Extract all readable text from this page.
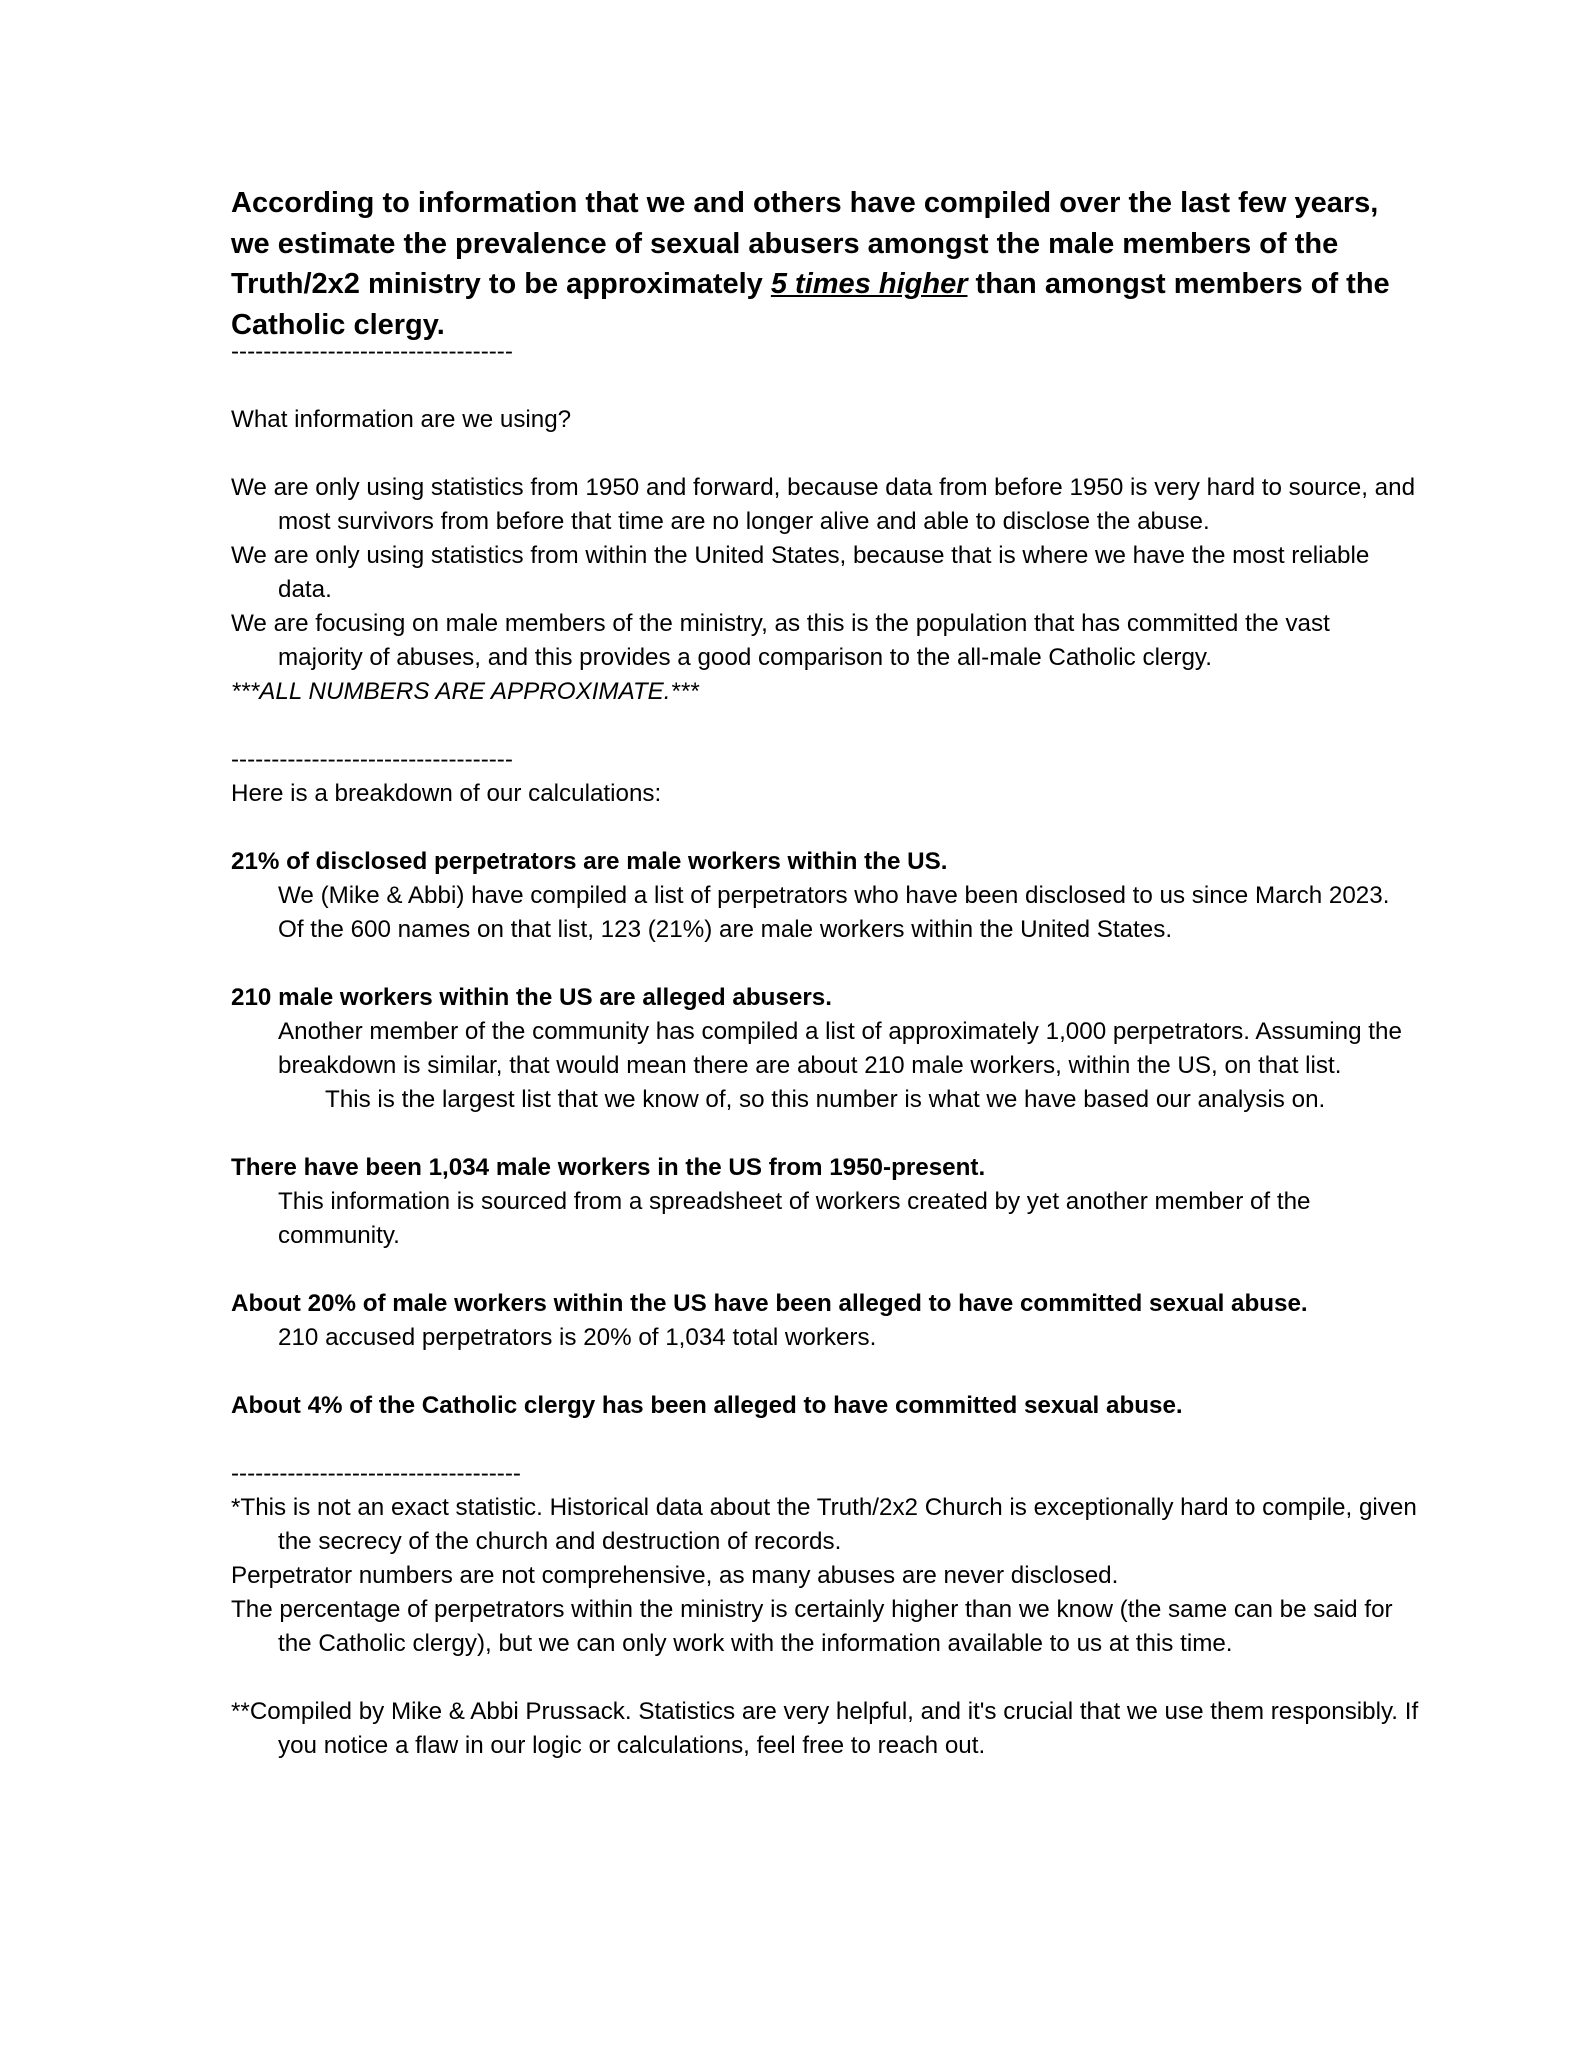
According to information that we and others have compiled over the last few years, we estimate the prevalence of sexual abusers amongst the male members of the Truth/2x2 ministry to be approximately 5 times higher than amongst members of the Catholic clergy.

-----------------------------------

What information are we using?

We are only using statistics from 1950 and forward, because data from before 1950 is very hard to source, and most survivors from before that time are no longer alive and able to disclose the abuse.

We are only using statistics from within the United States, because that is where we have the most reliable data.

We are focusing on male members of the ministry, as this is the population that has committed the vast majority of abuses, and this provides a good comparison to the all-male Catholic clergy.

***ALL NUMBERS ARE APPROXIMATE.***

-----------------------------------

Here is a breakdown of our calculations:

21% of disclosed perpetrators are male workers within the US.

We (Mike & Abbi) have compiled a list of perpetrators who have been disclosed to us since March 2023. Of the 600 names on that list, 123 (21%) are male workers within the United States.

210 male workers within the US are alleged abusers.

Another member of the community has compiled a list of approximately 1,000 perpetrators. Assuming the breakdown is similar, that would mean there are about 210 male workers, within the US, on that list.

This is the largest list that we know of, so this number is what we have based our analysis on.

There have been 1,034 male workers in the US from 1950-present.

This information is sourced from a spreadsheet of workers created by yet another member of the community.

About 20% of male workers within the US have been alleged to have committed sexual abuse.

210 accused perpetrators is 20% of 1,034 total workers.

About 4% of the Catholic clergy has been alleged to have committed sexual abuse.

------------------------------------

*This is not an exact statistic. Historical data about the Truth/2x2 Church is exceptionally hard to compile, given the secrecy of the church and destruction of records.

Perpetrator numbers are not comprehensive, as many abuses are never disclosed.

The percentage of perpetrators within the ministry is certainly higher than we know (the same can be said for the Catholic clergy), but we can only work with the information available to us at this time.

**Compiled by Mike & Abbi Prussack. Statistics are very helpful, and it's crucial that we use them responsibly. If you notice a flaw in our logic or calculations, feel free to reach out.
